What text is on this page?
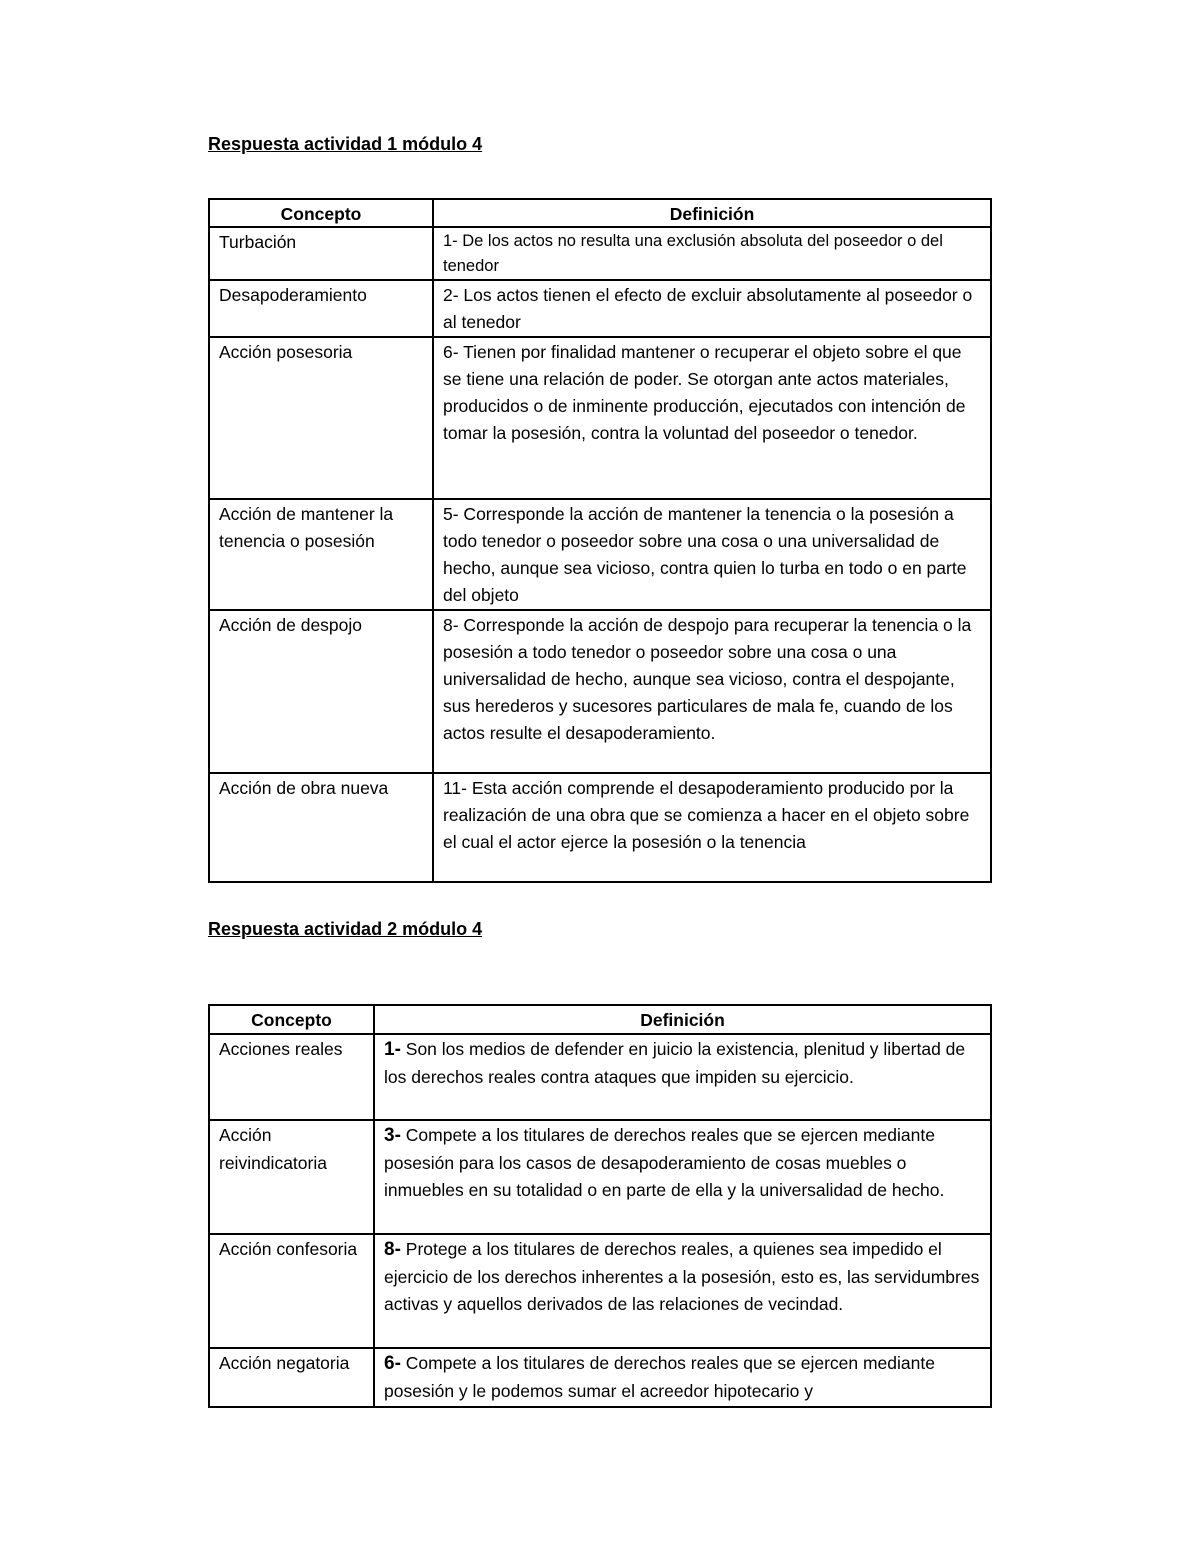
Respuesta actividad 1 módulo 4
Concepto	Definición
Turbación	1- De los actos no resulta una exclusión absoluta del poseedor o del tenedor
Desapoderamiento	2- Los actos tienen el efecto de excluir absolutamente al poseedor o al tenedor
Acción posesoria	6- Tienen por finalidad mantener o recuperar el objeto sobre el que se tiene una relación de poder. Se otorgan ante actos materiales, producidos o de inminente producción, ejecutados con intención de tomar la posesión, contra la voluntad del poseedor o tenedor.
Acción de mantener la tenencia o posesión	5- Corresponde la acción de mantener la tenencia o la posesión a todo tenedor o poseedor sobre una cosa o una universalidad de hecho, aunque sea vicioso, contra quien lo turba en todo o en parte del objeto
Acción de despojo	8- Corresponde la acción de despojo para recuperar la tenencia o la posesión a todo tenedor o poseedor sobre una cosa o una universalidad de hecho, aunque sea vicioso, contra el despojante, sus herederos y sucesores particulares de mala fe, cuando de los actos resulte el desapoderamiento.
Acción de obra nueva	11- Esta acción comprende el desapoderamiento producido por la realización de una obra que se comienza a hacer en el objeto sobre el cual el actor ejerce la posesión o la tenencia
Respuesta actividad 2 módulo 4
Concepto	Definición
Acciones reales	1- Son los medios de defender en juicio la existencia, plenitud y libertad de los derechos reales contra ataques que impiden su ejercicio.
Acción reivindicatoria	3- Compete a los titulares de derechos reales que se ejercen mediante posesión para los casos de desapoderamiento de cosas muebles o inmuebles en su totalidad o en parte de ella y la universalidad de hecho.
Acción confesoria	8- Protege a los titulares de derechos reales, a quienes sea impedido el ejercicio de los derechos inherentes a la posesión, esto es, las servidumbres activas y aquellos derivados de las relaciones de vecindad.
Acción negatoria	6- Compete a los titulares de derechos reales que se ejercen mediante posesión y le podemos sumar el acreedor hipotecario y
